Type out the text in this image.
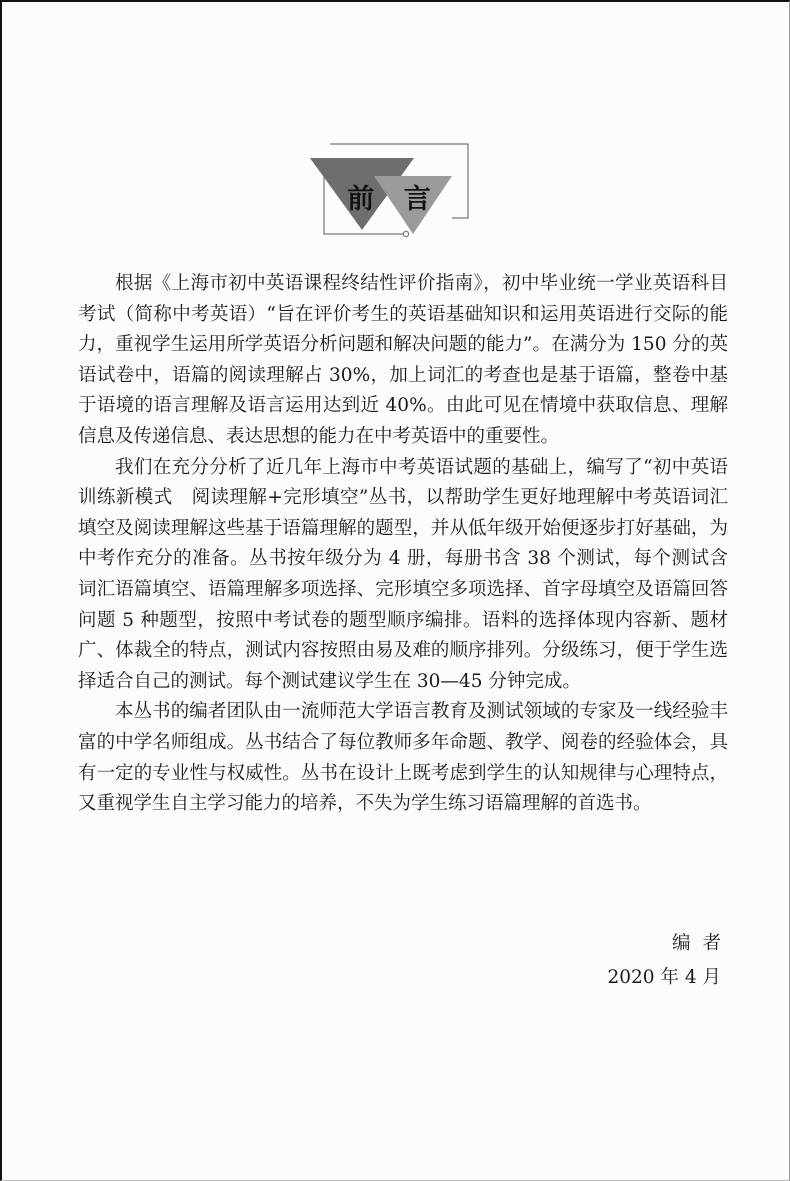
前 言

根据《上海市初中英语课程终结性评价指南》，初中毕业统一学业英语科目考试（简称中考英语）“旨在评价考生的英语基础知识和运用英语进行交际的能力，重视学生运用所学英语分析问题和解决问题的能力”。在满分为 150 分的英语试卷中，语篇的阅读理解占 30%，加上词汇的考查也是基于语篇，整卷中基于语境的语言理解及语言运用达到近 40%。由此可见在情境中获取信息、理解信息及传递信息、表达思想的能力在中考英语中的重要性。

我们在充分分析了近几年上海市中考英语试题的基础上，编写了“初中英语训练新模式　阅读理解+完形填空”丛书，以帮助学生更好地理解中考英语词汇填空及阅读理解这些基于语篇理解的题型，并从低年级开始便逐步打好基础，为中考作充分的准备。丛书按年级分为 4 册，每册书含 38 个测试，每个测试含词汇语篇填空、语篇理解多项选择、完形填空多项选择、首字母填空及语篇回答问题 5 种题型，按照中考试卷的题型顺序编排。语料的选择体现内容新、题材广、体裁全的特点，测试内容按照由易及难的顺序排列。分级练习，便于学生选择适合自己的测试。每个测试建议学生在 30—45 分钟完成。

本丛书的编者团队由一流师范大学语言教育及测试领域的专家及一线经验丰富的中学名师组成。丛书结合了每位教师多年命题、教学、阅卷的经验体会，具有一定的专业性与权威性。丛书在设计上既考虑到学生的认知规律与心理特点，又重视学生自主学习能力的培养，不失为学生练习语篇理解的首选书。

编者
2020 年 4 月
